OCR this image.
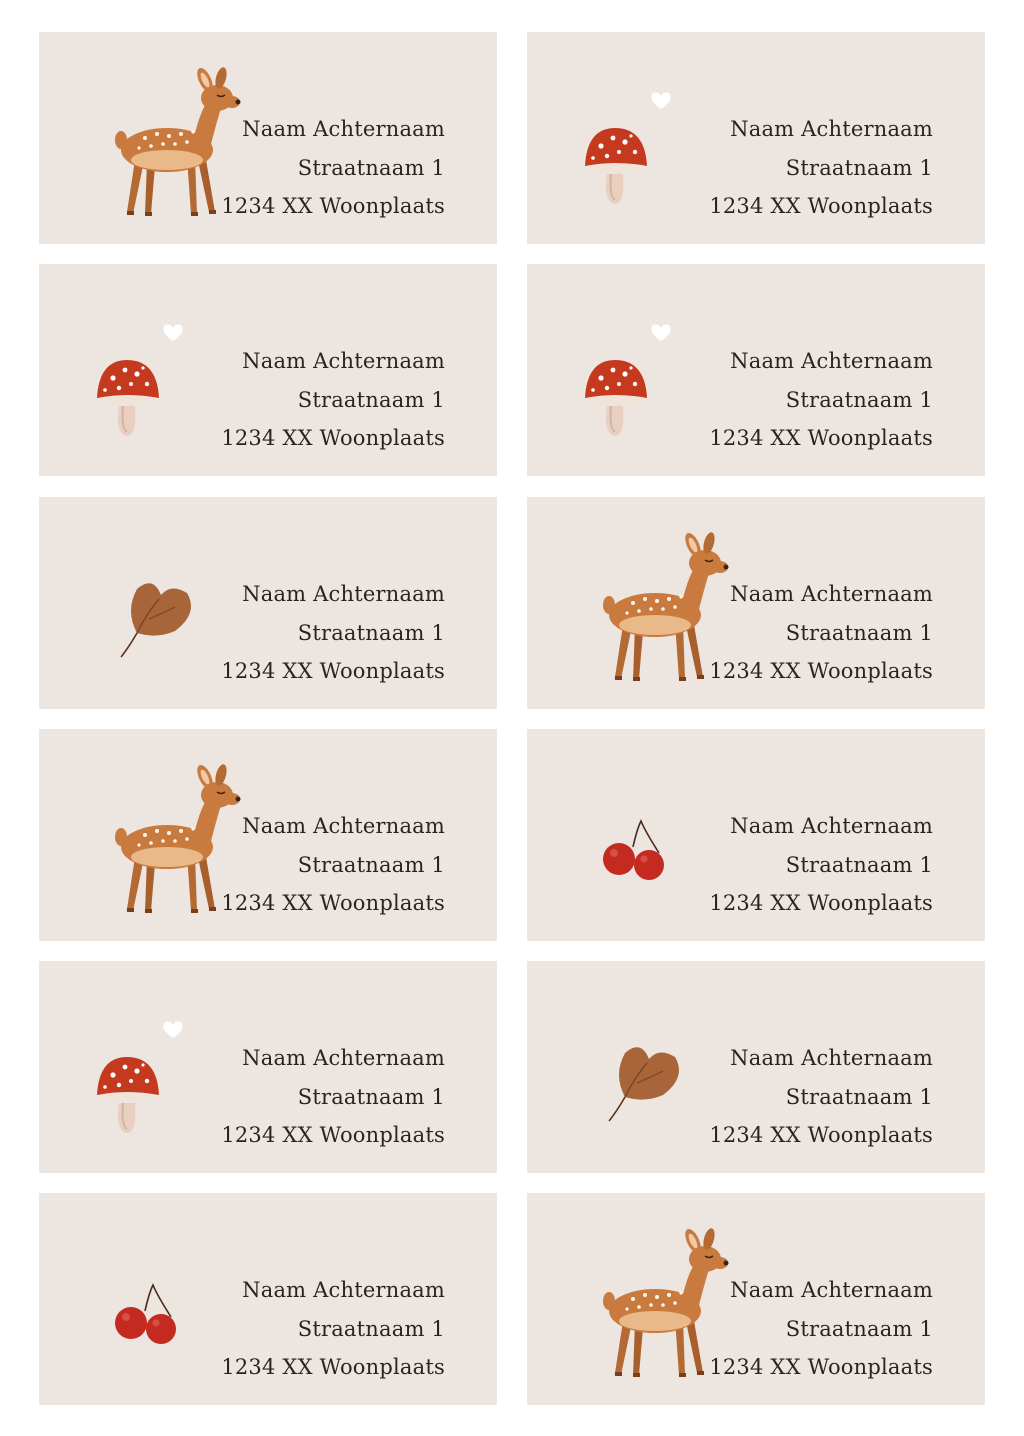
Naam Achternaam
Straatnaam 1
1234 XX Woonplaats
Naam Achternaam
Straatnaam 1
1234 XX Woonplaats
Naam Achternaam
Straatnaam 1
1234 XX Woonplaats
Naam Achternaam
Straatnaam 1
1234 XX Woonplaats
Naam Achternaam
Straatnaam 1
1234 XX Woonplaats
Naam Achternaam
Straatnaam 1
1234 XX Woonplaats
Naam Achternaam
Straatnaam 1
1234 XX Woonplaats
Naam Achternaam
Straatnaam 1
1234 XX Woonplaats
Naam Achternaam
Straatnaam 1
1234 XX Woonplaats
Naam Achternaam
Straatnaam 1
1234 XX Woonplaats
Naam Achternaam
Straatnaam 1
1234 XX Woonplaats
Naam Achternaam
Straatnaam 1
1234 XX Woonplaats
